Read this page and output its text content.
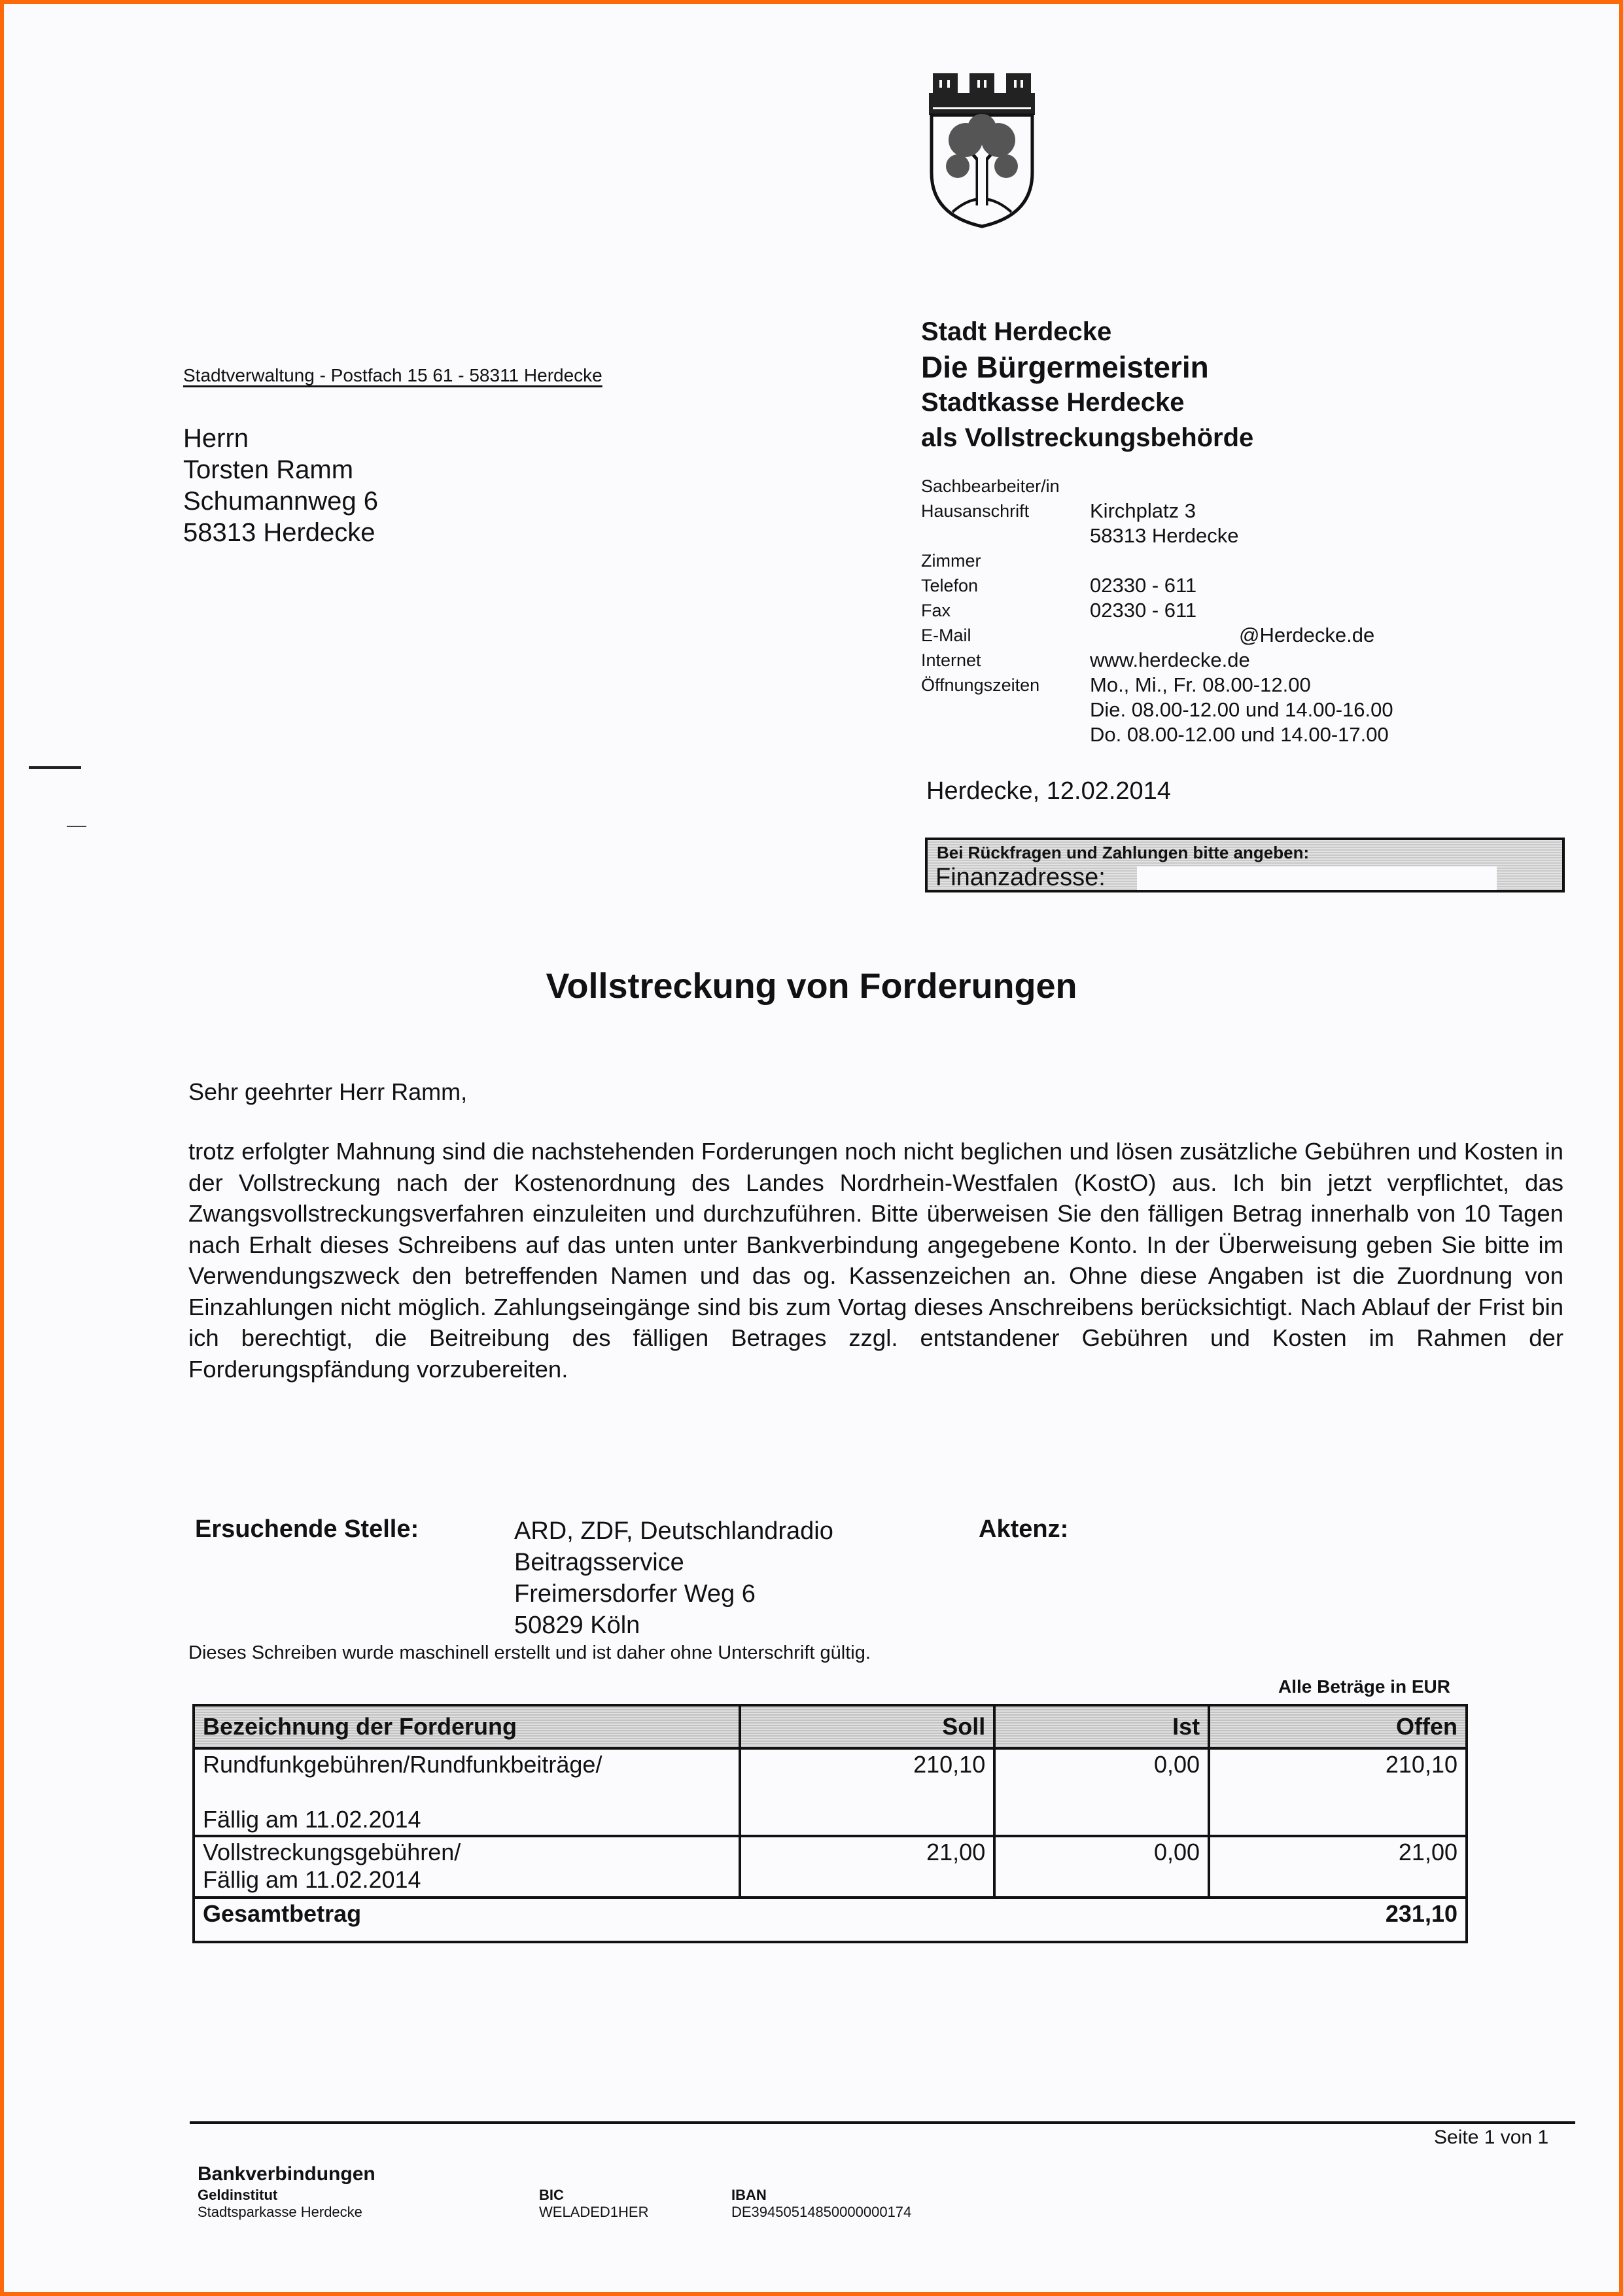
Stadtverwaltung - Postfach 15 61 - 58311 Herdecke
Herrn
Torsten Ramm
Schumannweg 6
58313 Herdecke
Stadt Herdecke
Die Bürgermeisterin
Stadtkasse Herdecke
als Vollstreckungsbehörde
Sachbearbeiter/in
Hausanschrift	Kirchplatz 3
58313 Herdecke
Zimmer
Telefon	02330 - 611
Fax	02330 - 611
E-Mail	@Herdecke.de
Internet	www.herdecke.de
Öffnungszeiten	Mo., Mi., Fr. 08.00-12.00
Die. 08.00-12.00 und 14.00-16.00
Do. 08.00-12.00 und 14.00-17.00
Herdecke, 12.02.2014
Bei Rückfragen und Zahlungen bitte angeben:
Finanzadresse:
Vollstreckung von Forderungen
Sehr geehrter Herr Ramm,
trotz erfolgter Mahnung sind die nachstehenden Forderungen noch nicht beglichen und lösen zusätzliche Gebühren und Kosten in der Vollstreckung nach der Kostenordnung des Landes Nordrhein-Westfalen (KostO) aus. Ich bin jetzt verpflichtet, das Zwangsvollstreckungsverfahren einzuleiten und durchzuführen. Bitte überweisen Sie den fälligen Betrag innerhalb von 10 Tagen nach Erhalt dieses Schreibens auf das unten unter Bankverbindung angegebene Konto. In der Überweisung geben Sie bitte im Verwendungszweck den betreffenden Namen und das og. Kassenzeichen an. Ohne diese Angaben ist die Zuordnung von Einzahlungen nicht möglich. Zahlungseingänge sind bis zum Vortag dieses Anschreibens berücksichtigt. Nach Ablauf der Frist bin ich berechtigt, die Beitreibung des fälligen Betrages zzgl. entstandener Gebühren und Kosten im Rahmen der Forderungspfändung vorzubereiten.
Ersuchende Stelle:	ARD, ZDF, Deutschlandradio
Beitragsservice
Freimersdorfer Weg 6
50829 Köln
Aktenz:
Dieses Schreiben wurde maschinell erstellt und ist daher ohne Unterschrift gültig.
Alle Beträge in EUR
Bezeichnung der Forderung	Soll	Ist	Offen

Rundfunkgebühren/Rundfunkbeiträge/
Fällig am 11.02.2014	210,10	0,00	210,10

Vollstreckungsgebühren/
Fällig am 11.02.2014	21,00	0,00	21,00
Gesamtbetrag			231,10
Seite 1 von 1
Bankverbindungen
Geldinstitut
Stadtsparkasse Herdecke
BIC
WELADED1HER
IBAN
DE39450514850000000174
